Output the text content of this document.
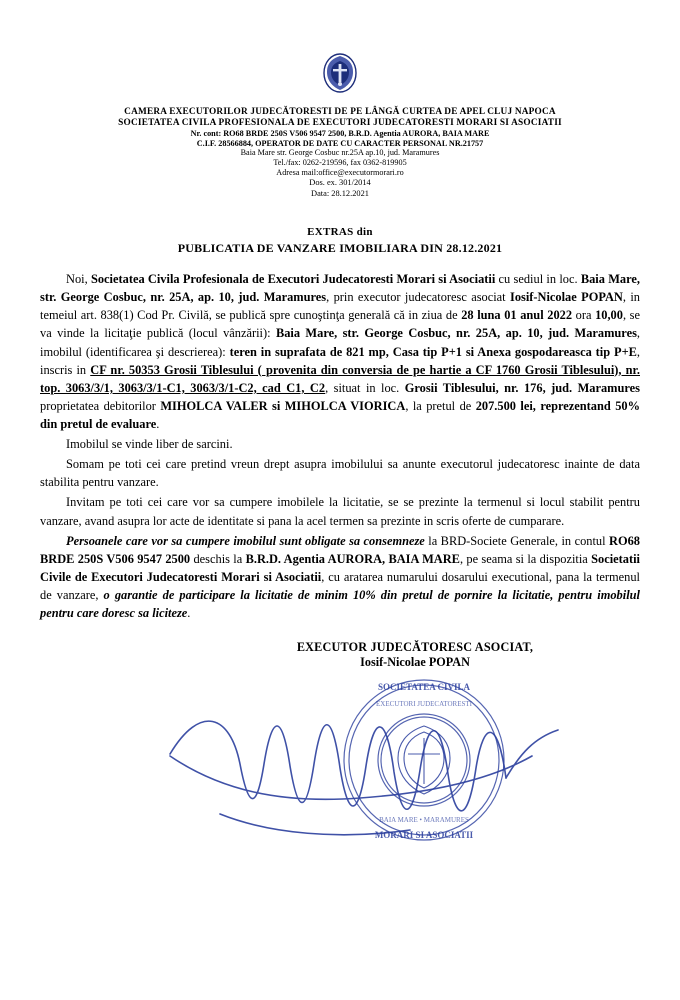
CAMERA EXECUTORILOR JUDECĂTORESTI DE PE LÂNGĂ CURTEA DE APEL CLUJ NAPOCA
SOCIETATEA CIVILA PROFESIONALA DE EXECUTORI JUDECATORESTI MORARI SI ASOCIATII
Nr. cont: RO68 BRDE 250S V506 9547 2500, B.R.D. Agentia AURORA, BAIA MARE
C.I.F. 28566884, OPERATOR DE DATE CU CARACTER PERSONAL NR.21757
Baia Mare str. George Cosbuc nr.25A ap.10, jud. Maramures
Tel./fax: 0262-219596, fax 0362-819905
Adresa mail:office@executormorari.ro
Dos. ex. 301/2014
Data: 28.12.2021
EXTRAS din
PUBLICATIA DE VANZARE IMOBILIARA DIN 28.12.2021

Noi, Societatea Civila Profesionala de Executori Judecatoresti Morari si Asociatii cu sediul in loc. Baia Mare, str. George Cosbuc, nr. 25A, ap. 10, jud. Maramures, prin executor judecatoresc asociat Iosif-Nicolae POPAN, in temeiul art. 838(1) Cod Pr. Civilă, se publică spre cunoştinţa generală că in ziua de 28 luna 01 anul 2022 ora 10,00, se va vinde la licitaţie publică (locul vânzării): Baia Mare, str. George Cosbuc, nr. 25A, ap. 10, jud. Maramures, imobilul (identificarea şi descrierea): teren in suprafata de 821 mp, Casa tip P+1 si Anexa gospodareasca tip P+E, inscris in CF nr. 50353 Grosii Tiblesului ( provenita din conversia de pe hartie a CF 1760 Grosii Tiblesului), nr. top. 3063/3/1, 3063/3/1-C1, 3063/3/1-C2, cad C1, C2, situat in loc. Grosii Tiblesului, nr. 176, jud. Maramures proprietatea debitorilor MIHOLCA VALER si MIHOLCA VIORICA, la pretul de 207.500 lei, reprezentand 50% din pretul de evaluare.

Imobilul se vinde liber de sarcini.

Somam pe toti cei care pretind vreun drept asupra imobilului sa anunte executorul judecatoresc inainte de data stabilita pentru vanzare.

Invitam pe toti cei care vor sa cumpere imobilele la licitatie, se se prezinte la termenul si locul stabilit pentru vanzare, avand asupra lor acte de identitate si pana la acel termen sa prezinte in scris oferte de cumparare.

Persoanele care vor sa cumpere imobilul sunt obligate sa consemneze la BRD-Societe Generale, in contul RO68 BRDE 250S V506 9547 2500 deschis la B.R.D. Agentia AURORA, BAIA MARE, pe seama si la dispozitia Societatii Civile de Executori Judecatoresti Morari si Asociatii, cu aratarea numarului dosarului executional, pana la termenul de vanzare, o garantie de participare la licitatie de minim 10% din pretul de pornire la licitatie, pentru imobilul pentru care doresc sa liciteze.

EXECUTOR JUDECĂTORESC ASOCIAT,
Iosif-Nicolae POPAN
SOCIETATEA CIVILA
MORARI SI ASOCIATII
EXECUTORI JUDECATORESTI
BAIA MARE • MARAMURES
